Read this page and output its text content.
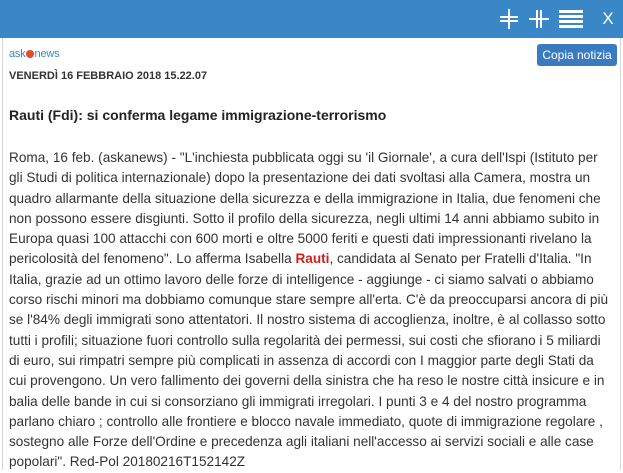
X
ask news	Copia notizia
VENERDÌ 16 FEBBRAIO 2018 15.22.07
Rauti (Fdi): si conferma legame immigrazione-terrorismo
Roma, 16 feb. (askanews) - "L'inchiesta pubblicata oggi su 'il Giornale', a cura dell'Ispi (Istituto per gli Studi di politica internazionale) dopo la presentazione dei dati svoltasi alla Camera, mostra un quadro allarmante della situazione della sicurezza e della immigrazione in Italia, due fenomeni che non possono essere disgiunti. Sotto il profilo della sicurezza, negli ultimi 14 anni abbiamo subito in Europa quasi 100 attacchi con 600 morti e oltre 5000 feriti e questi dati impressionanti rivelano la pericolosità del fenomeno". Lo afferma Isabella Rauti, candidata al Senato per Fratelli d'Italia. "In Italia, grazie ad un ottimo lavoro delle forze di intelligence - aggiunge - ci siamo salvati o abbiamo corso rischi minori ma dobbiamo comunque stare sempre all'erta. C'è da preoccuparsi ancora di più se l'84% degli immigrati sono attentatori. Il nostro sistema di accoglienza, inoltre, è al collasso sotto tutti i profili; situazione fuori controllo sulla regolarità dei permessi, sui costi che sfiorano i 5 miliardi di euro, sui rimpatri sempre più complicati in assenza di accordi con I maggior parte degli Stati da cui provengono. Un vero fallimento dei governi della sinistra che ha reso le nostre città insicure e in balia delle bande in cui si consorziano gli immigrati irregolari. I punti 3 e 4 del nostro programma parlano chiaro ; controllo alle frontiere e blocco navale immediato, quote di immigrazione regolare , sostegno alle Forze dell'Ordine e precedenza agli italiani nell'accesso ai servizi sociali e alle case popolari". Red-Pol 20180216T152142Z
